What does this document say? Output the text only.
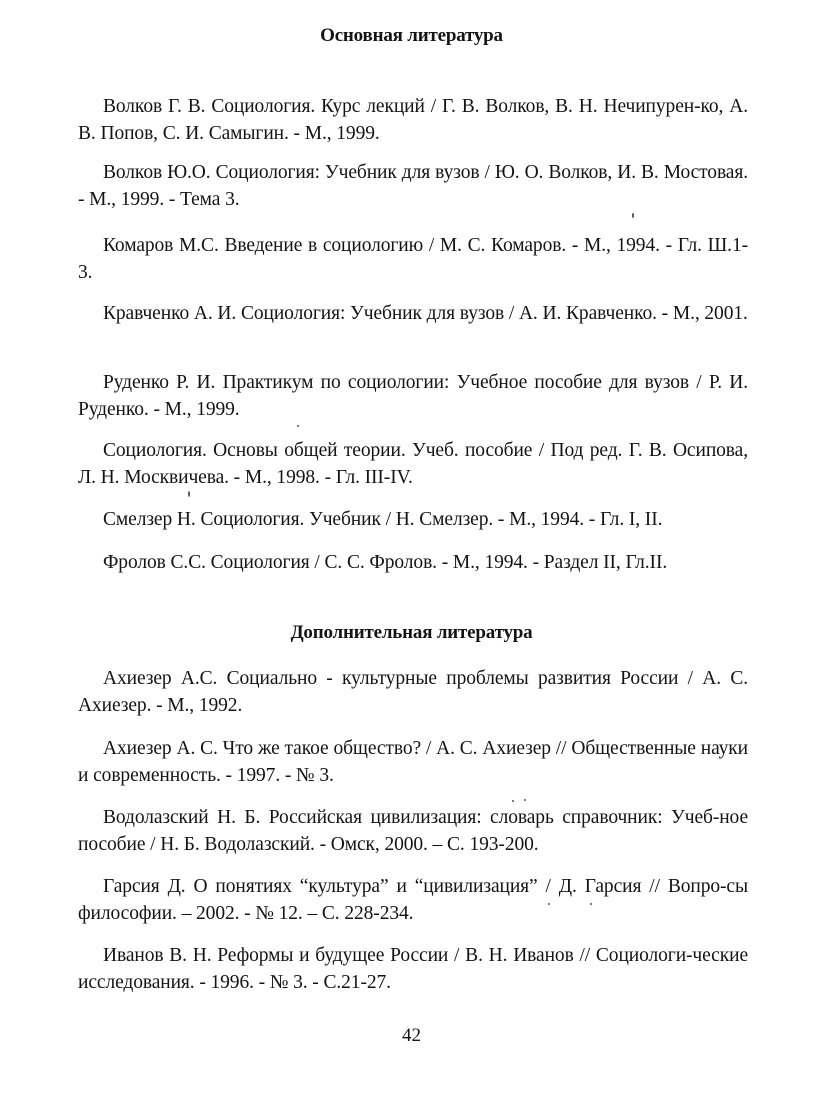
Основная литература

Волков Г. В. Социология. Курс лекций / Г. В. Волков, В. Н. Нечипурен-ко, А. В. Попов, С. И. Самыгин. - М., 1999.

Волков Ю.О. Социология: Учебник для вузов / Ю. О. Волков, И. В. Мостовая. - М., 1999. - Тема 3.

Комаров М.С. Введение в социологию / М. С. Комаров. - М., 1994. - Гл. Ш.1-3.

Кравченко А. И. Социология: Учебник для вузов / А. И. Кравченко. - М., 2001.

Руденко Р. И. Практикум по социологии: Учебное пособие для вузов / Р. И. Руденко. - М., 1999.

Социология. Основы общей теории. Учеб. пособие / Под ред. Г. В. Осипова, Л. Н. Москвичева. - М., 1998. - Гл. III-IV.

Смелзер Н. Социология. Учебник / Н. Смелзер. - М., 1994. - Гл. I, II.

Фролов С.С. Социология / С. С. Фролов. - М., 1994. - Раздел II, Гл.II.

Дополнительная литература

Ахиезер А.С. Социально - культурные проблемы развития России / А. С. Ахиезер. - М., 1992.

Ахиезер А. С. Что же такое общество? / А. С. Ахиезер // Общественные науки и современность. - 1997. - № 3.

Водолазский Н. Б. Российская цивилизация: словарь справочник: Учеб-ное пособие / Н. Б. Водолазский. - Омск, 2000. – С. 193-200.

Гарсия Д. О понятиях “культура” и “цивилизация” / Д. Гарсия // Вопро-сы философии. – 2002. - № 12. – С. 228-234.

Иванов В. Н. Реформы и будущее России / В. Н. Иванов // Социологи-ческие исследования. - 1996. - № 3. - С.21-27.

42
